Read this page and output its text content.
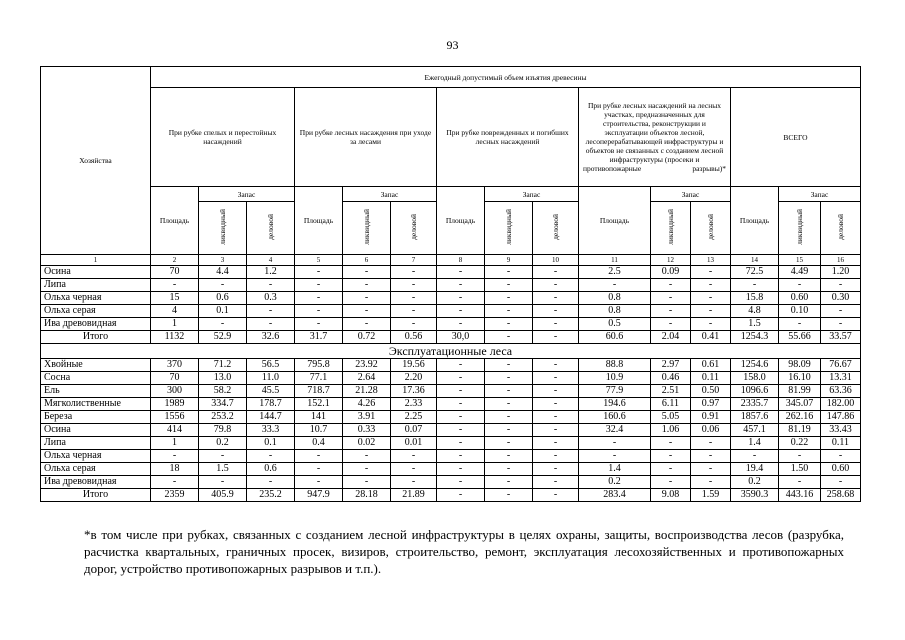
93
Хозяйства	Ежегодный допустимый объем изъятия древесины														
	При рубке спелых и перестойных насаждений			При рубке лесных насаждения при уходе за лесами			При рубке поврежденных и погибших лесных насаждений			При рубке лесных насаждений на лесных участках, предназначенных для строительства, реконструкции и эксплуатации объектов лесной, лесоперерабатывающей инфраструктуры и объектов не связанных с созданием лесной инфраструктуры (просеки и противопожарные разрывы)*			ВСЕГО		
	Площадь	Запас		Площадь	Запас		Площадь	Запас		Площадь	Запас		Площадь	Запас	
		ликвидный	деловой		ликвидный	деловой		ликвидный	деловой		ликвидный	деловой		ликвидный	деловой
1	2	3	4	5	6	7	8	9	10	11	12	13	14	15	16
Осина	70	4.4	1.2	-	-	-	-	-	-	2.5	0.09	-	72.5	4.49	1.20
Липа	-	-	-	-	-	-	-	-	-	-	-	-	-	-	-
Ольха черная	15	0.6	0.3	-	-	-	-	-	-	0.8	-	-	15.8	0.60	0.30
Ольха серая	4	0.1	-	-	-	-	-	-	-	0.8	-	-	4.8	0.10	-
Ива древовидная	1	-	-	-	-	-	-	-	-	0.5	-	-	1.5	-	-
Итого	1132	52.9	32.6	31.7	0.72	0.56	30,0	-	-	60.6	2.04	0.41	1254.3	55.66	33.57
Эксплуатационные леса															
Хвойные	370	71.2	56.5	795.8	23.92	19.56	-	-	-	88.8	2.97	0.61	1254.6	98.09	76.67
Сосна	70	13.0	11.0	77.1	2.64	2.20	-	-	-	10.9	0.46	0.11	158.0	16.10	13.31
Ель	300	58.2	45.5	718.7	21.28	17.36	-	-	-	77.9	2.51	0.50	1096.6	81.99	63.36
Мягколиственные	1989	334.7	178.7	152.1	4.26	2.33	-	-	-	194.6	6.11	0.97	2335.7	345.07	182.00
Береза	1556	253.2	144.7	141	3.91	2.25	-	-	-	160.6	5.05	0.91	1857.6	262.16	147.86
Осина	414	79.8	33.3	10.7	0.33	0.07	-	-	-	32.4	1.06	0.06	457.1	81.19	33.43
Липа	1	0.2	0.1	0.4	0.02	0.01	-	-	-	-	-	-	1.4	0.22	0.11
Ольха черная	-	-	-	-	-	-	-	-	-	-	-	-	-	-	-
Ольха серая	18	1.5	0.6	-	-	-	-	-	-	1.4	-	-	19.4	1.50	0.60
Ива древовидная	-	-	-	-	-	-	-	-	-	0.2	-	-	0.2	-	-
Итого	2359	405.9	235.2	947.9	28.18	21.89	-	-	-	283.4	9.08	1.59	3590.3	443.16	258.68
*в том числе при рубках, связанных с созданием лесной инфраструктуры в целях охраны, защиты, воспроизводства лесов (разрубка, расчистка квартальных, граничных просек, визиров, строительство, ремонт, эксплуатация лесохозяйственных и противопожарных дорог, устройство противопожарных разрывов и т.п.).
